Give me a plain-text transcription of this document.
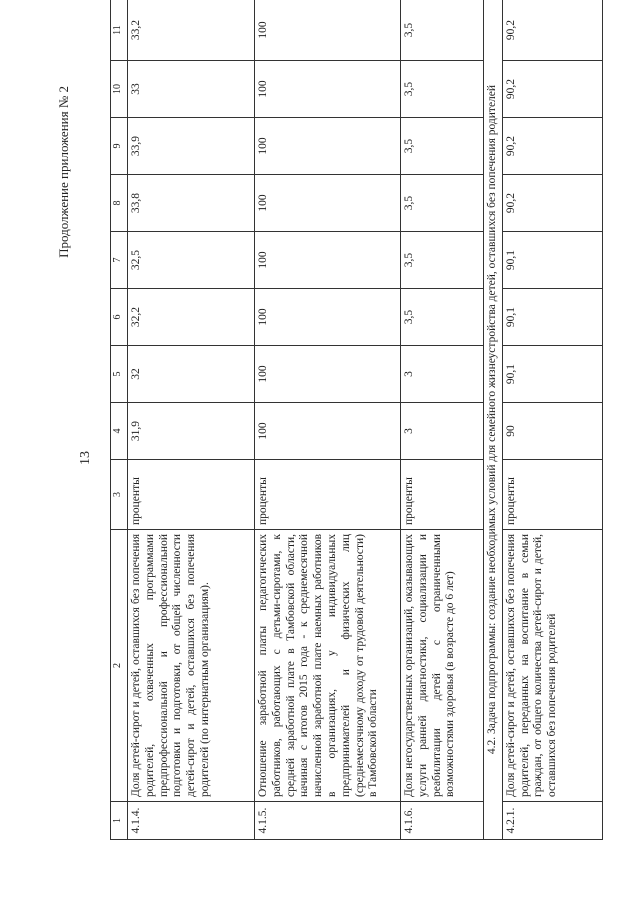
13
Продолжение приложения № 2
1	2	3	4	5	6	7	8	9	10	11
4.1.4.	Доля детей-сирот и детей, оставшихся без попечения родителей, охваченных программами предпрофессиональной и профессиональной подготовки и подготовки, от общей численности детей-сирот и детей, оставшихся без попечения родителей (по интернатным организациям).	проценты	31,9	32	32,2	32,5	33,8	33,9	33	33,2
4.1.5.	Отношение заработной платы педагогических работников, работающих с детьми-сиротами, к средней заработной плате в Тамбовской области, начиная с итогов 2015 года - к среднемесячной начисленной заработной плате наемных работников в организациях, у индивидуальных предпринимателей и физических лиц (среднемесячному доходу от трудовой деятельности) в Тамбовской области	проценты	100	100	100	100	100	100	100	100
4.1.6.	Доля негосударственных организаций, оказывающих услуги ранней диагностики, социализации и реабилитации детей с ограниченными возможностями здоровья (в возрасте до 6 лет)	проценты	3	3	3,5	3,5	3,5	3,5	3,5	3,5
4.2. Задача подпрограммы: создание необходимых условий для семейного жизнеустройства детей, оставшихся без попечения родителей										
4.2.1.	Доля детей-сирот и детей, оставшихся без попечения родителей, переданных на воспитание в семьи граждан, от общего количества детей-сирот и детей, оставшихся без попечения родителей	проценты	90	90,1	90,1	90,1	90,2	90,2	90,2	90,2
